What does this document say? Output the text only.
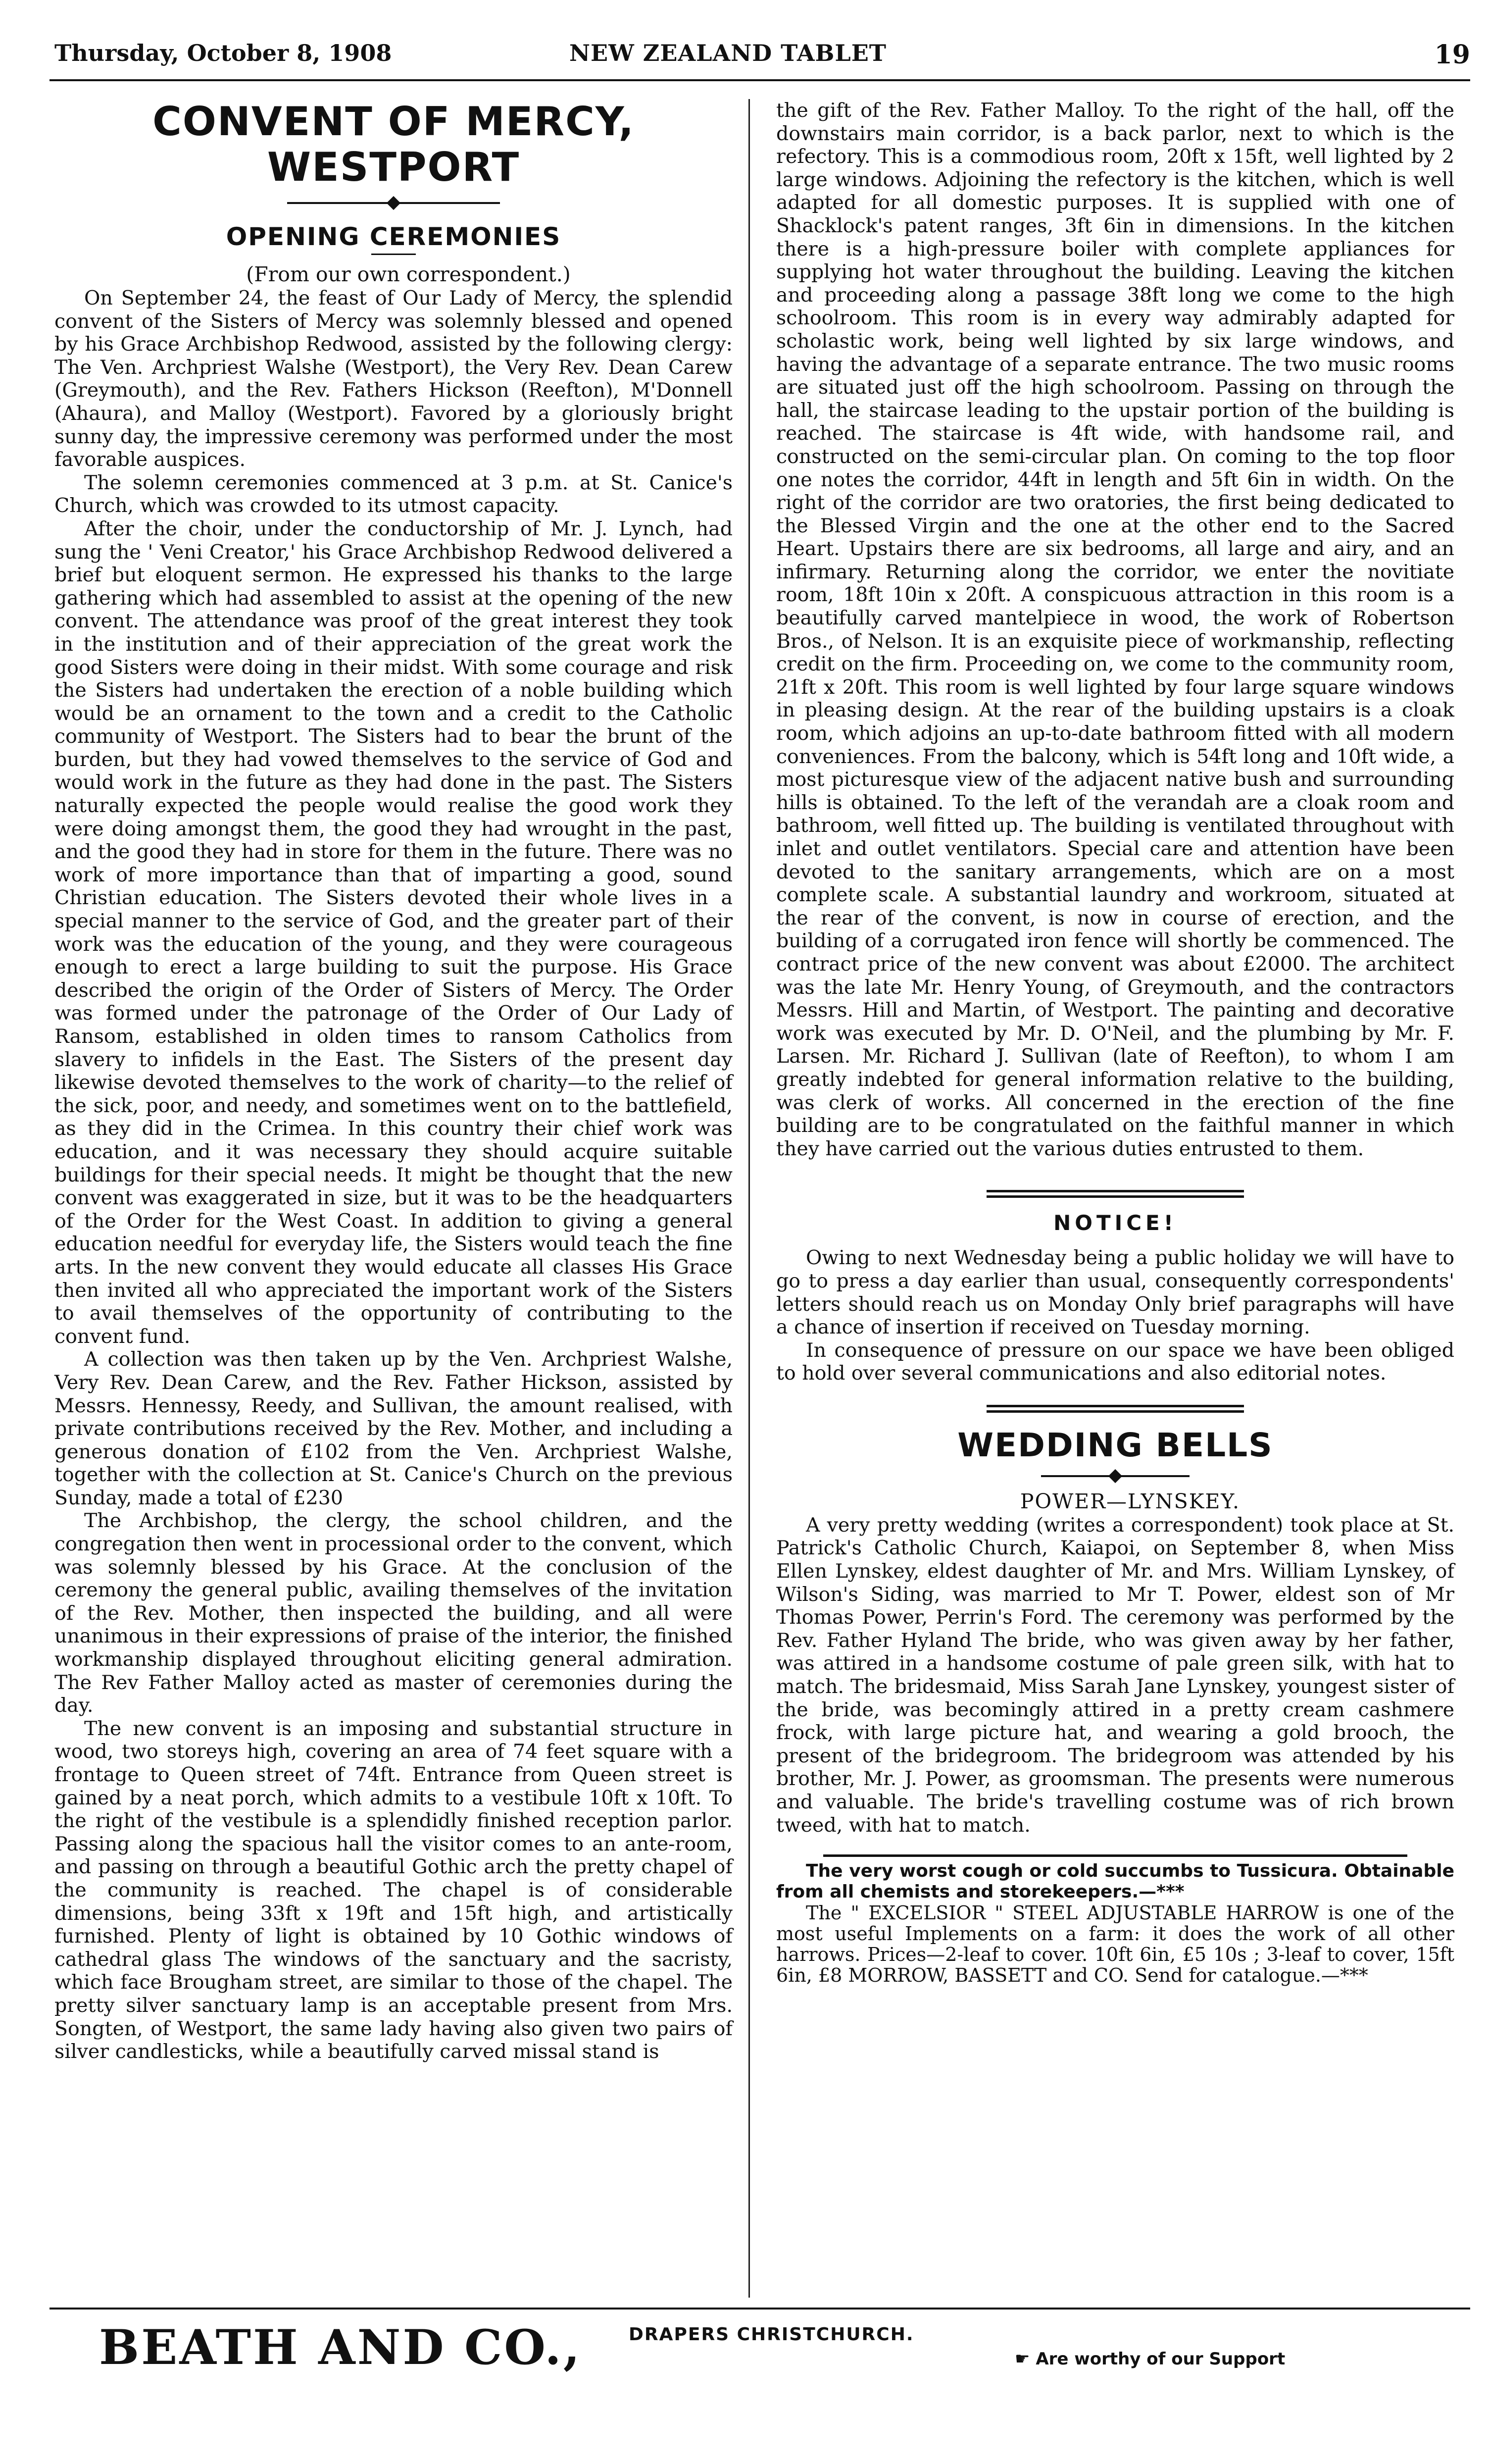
Thursday, October 8, 1908	NEW ZEALAND TABLET	19
CONVENT OF MERCY, WESTPORT
OPENING CEREMONIES

(From our own correspondent.)

On September 24, the feast of Our Lady of Mercy, the splendid convent of the Sisters of Mercy was solemnly blessed and opened by his Grace Archbishop Redwood, assisted by the following clergy: The Ven. Archpriest Walshe (Westport), the Very Rev. Dean Carew (Greymouth), and the Rev. Fathers Hickson (Reefton), M'Donnell (Ahaura), and Malloy (Westport). Favored by a gloriously bright sunny day, the impressive ceremony was performed under the most favorable auspices.

The solemn ceremonies commenced at 3 p.m. at St. Canice's Church, which was crowded to its utmost capacity.

After the choir, under the conductorship of Mr. J. Lynch, had sung the ' Veni Creator,' his Grace Archbishop Redwood delivered a brief but eloquent sermon. He expressed his thanks to the large gathering which had assembled to assist at the opening of the new convent. The attendance was proof of the great interest they took in the institution and of their appreciation of the great work the good Sisters were doing in their midst. With some courage and risk the Sisters had undertaken the erection of a noble building which would be an ornament to the town and a credit to the Catholic community of Westport. The Sisters had to bear the brunt of the burden, but they had vowed themselves to the service of God and would work in the future as they had done in the past. The Sisters naturally expected the people would realise the good work they were doing amongst them, the good they had wrought in the past, and the good they had in store for them in the future. There was no work of more importance than that of imparting a good, sound Christian education. The Sisters devoted their whole lives in a special manner to the service of God, and the greater part of their work was the education of the young, and they were courageous enough to erect a large building to suit the purpose. His Grace described the origin of the Order of Sisters of Mercy. The Order was formed under the patronage of the Order of Our Lady of Ransom, established in olden times to ransom Catholics from slavery to infidels in the East. The Sisters of the present day likewise devoted themselves to the work of charity—to the relief of the sick, poor, and needy, and sometimes went on to the battlefield, as they did in the Crimea. In this country their chief work was education, and it was necessary they should acquire suitable buildings for their special needs. It might be thought that the new convent was exaggerated in size, but it was to be the headquarters of the Order for the West Coast. In addition to giving a general education needful for everyday life, the Sisters would teach the fine arts. In the new convent they would educate all classes His Grace then invited all who appreciated the important work of the Sisters to avail themselves of the opportunity of contributing to the convent fund.

A collection was then taken up by the Ven. Archpriest Walshe, Very Rev. Dean Carew, and the Rev. Father Hickson, assisted by Messrs. Hennessy, Reedy, and Sullivan, the amount realised, with private contributions received by the Rev. Mother, and including a generous donation of £102 from the Ven. Archpriest Walshe, together with the collection at St. Canice's Church on the previous Sunday, made a total of £230

The Archbishop, the clergy, the school children, and the congregation then went in processional order to the convent, which was solemnly blessed by his Grace. At the conclusion of the ceremony the general public, availing themselves of the invitation of the Rev. Mother, then inspected the building, and all were unanimous in their expressions of praise of the interior, the finished workmanship displayed throughout eliciting general admiration. The Rev Father Malloy acted as master of ceremonies during the day.

The new convent is an imposing and substantial structure in wood, two storeys high, covering an area of 74 feet square with a frontage to Queen street of 74ft. Entrance from Queen street is gained by a neat porch, which admits to a vestibule 10ft x 10ft. To the right of the vestibule is a splendidly finished reception parlor. Passing along the spacious hall the visitor comes to an ante-room, and passing on through a beautiful Gothic arch the pretty chapel of the community is reached. The chapel is of considerable dimensions, being 33ft x 19ft and 15ft high, and artistically furnished. Plenty of light is obtained by 10 Gothic windows of cathedral glass The windows of the sanctuary and the sacristy, which face Brougham street, are similar to those of the chapel. The pretty silver sanctuary lamp is an acceptable present from Mrs. Songten, of Westport, the same lady having also given two pairs of silver candlesticks, while a beautifully carved missal stand is

the gift of the Rev. Father Malloy. To the right of the hall, off the downstairs main corridor, is a back parlor, next to which is the refectory. This is a commodious room, 20ft x 15ft, well lighted by 2 large windows. Adjoining the refectory is the kitchen, which is well adapted for all domestic purposes. It is supplied with one of Shacklock's patent ranges, 3ft 6in in dimensions. In the kitchen there is a high-pressure boiler with complete appliances for supplying hot water throughout the building. Leaving the kitchen and proceeding along a passage 38ft long we come to the high schoolroom. This room is in every way admirably adapted for scholastic work, being well lighted by six large windows, and having the advantage of a separate entrance. The two music rooms are situated just off the high schoolroom. Passing on through the hall, the staircase leading to the upstair portion of the building is reached. The staircase is 4ft wide, with handsome rail, and constructed on the semi-circular plan. On coming to the top floor one notes the corridor, 44ft in length and 5ft 6in in width. On the right of the corridor are two oratories, the first being dedicated to the Blessed Virgin and the one at the other end to the Sacred Heart. Upstairs there are six bedrooms, all large and airy, and an infirmary. Returning along the corridor, we enter the novitiate room, 18ft 10in x 20ft. A conspicuous attraction in this room is a beautifully carved mantelpiece in wood, the work of Robertson Bros., of Nelson. It is an exquisite piece of workmanship, reflecting credit on the firm. Proceeding on, we come to the community room, 21ft x 20ft. This room is well lighted by four large square windows in pleasing design. At the rear of the building upstairs is a cloak room, which adjoins an up-to-date bathroom fitted with all modern conveniences. From the balcony, which is 54ft long and 10ft wide, a most picturesque view of the adjacent native bush and surrounding hills is obtained. To the left of the verandah are a cloak room and bathroom, well fitted up. The building is ventilated throughout with inlet and outlet ventilators. Special care and attention have been devoted to the sanitary arrangements, which are on a most complete scale. A substantial laundry and workroom, situated at the rear of the convent, is now in course of erection, and the building of a corrugated iron fence will shortly be commenced. The contract price of the new convent was about £2000. The architect was the late Mr. Henry Young, of Greymouth, and the contractors Messrs. Hill and Martin, of Westport. The painting and decorative work was executed by Mr. D. O'Neil, and the plumbing by Mr. F. Larsen. Mr. Richard J. Sullivan (late of Reefton), to whom I am greatly indebted for general information relative to the building, was clerk of works. All concerned in the erection of the fine building are to be congratulated on the faithful manner in which they have carried out the various duties entrusted to them.

NOTICE!

Owing to next Wednesday being a public holiday we will have to go to press a day earlier than usual, consequently correspondents' letters should reach us on Monday Only brief paragraphs will have a chance of insertion if received on Tuesday morning.

In consequence of pressure on our space we have been obliged to hold over several communications and also editorial notes.

WEDDING BELLS

POWER—LYNSKEY.

A very pretty wedding (writes a correspondent) took place at St. Patrick's Catholic Church, Kaiapoi, on September 8, when Miss Ellen Lynskey, eldest daughter of Mr. and Mrs. William Lynskey, of Wilson's Siding, was married to Mr T. Power, eldest son of Mr Thomas Power, Perrin's Ford. The ceremony was performed by the Rev. Father Hyland The bride, who was given away by her father, was attired in a handsome costume of pale green silk, with hat to match. The bridesmaid, Miss Sarah Jane Lynskey, youngest sister of the bride, was becomingly attired in a pretty cream cashmere frock, with large picture hat, and wearing a gold brooch, the present of the bridegroom. The bridegroom was attended by his brother, Mr. J. Power, as groomsman. The presents were numerous and valuable. The bride's travelling costume was of rich brown tweed, with hat to match.

The very worst cough or cold succumbs to Tussicura. Obtainable from all chemists and storekeepers.—***

The " EXCELSIOR " STEEL ADJUSTABLE HARROW is one of the most useful Implements on a farm: it does the work of all other harrows. Prices—2-leaf to cover. 10ft 6in, £5 10s ; 3-leaf to cover, 15ft 6in, £8 MORROW, BASSETT and CO. Send for catalogue.—***

BEATH AND CO.,	DRAPERS CHRISTCHURCH.
☛ Are worthy of our Support
